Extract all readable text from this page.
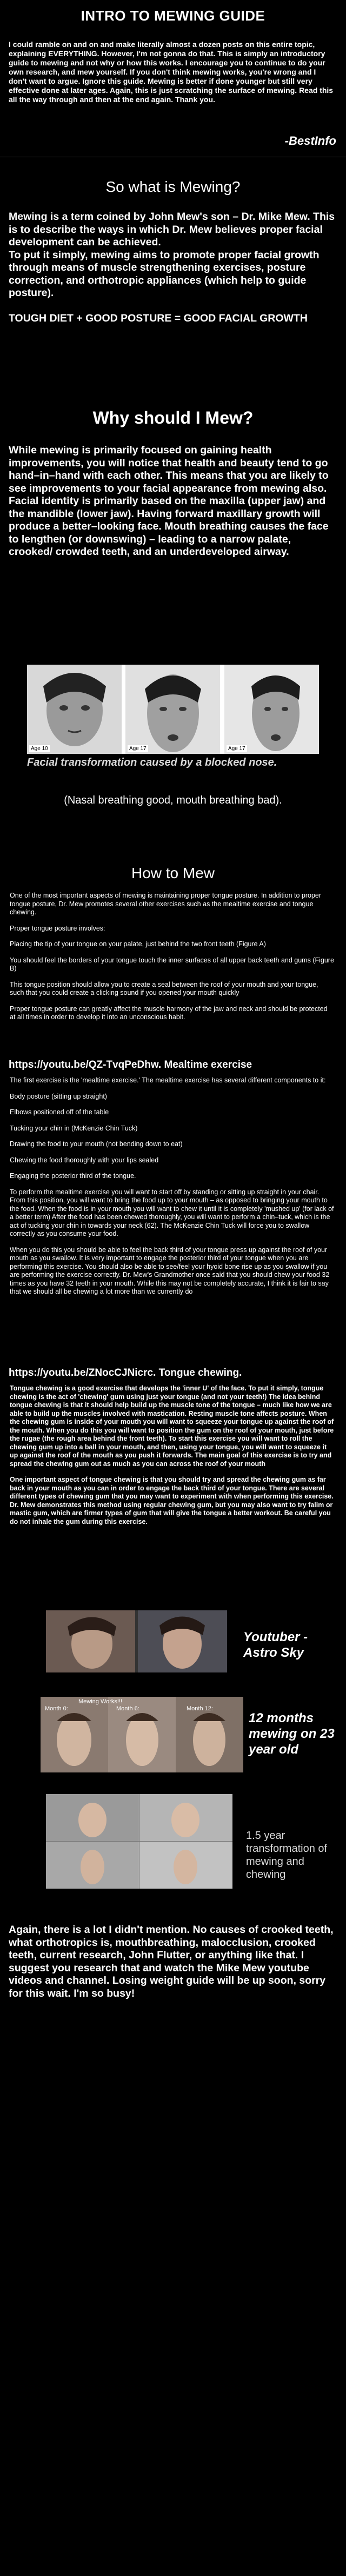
INTRO TO MEWING GUIDE

I could ramble on and on and make literally almost a dozen posts on this entire topic, explaining EVERYTHING. However, I'm not gonna do that. This is simply an introductory guide to mewing and not why or how this works. I encourage you to continue to do your own research, and mew yourself. If you don't think mewing works, you're wrong and I don't want to argue. Ignore this guide. Mewing is better if done younger but still very effective done at later ages. Again, this is just scratching the surface of mewing. Read this all the way through and then at the end again. Thank you.

-BestInfo
So what is Mewing?

Mewing is a term coined by John Mew's son – Dr. Mike Mew. This is to describe the ways in which Dr. Mew believes proper facial development can be achieved.

To put it simply, mewing aims to promote proper facial growth through means of muscle strengthening exercises, posture correction, and orthotropic appliances (which help to guide posture).

TOUGH DIET + GOOD POSTURE = GOOD FACIAL GROWTH

Why should I Mew?

While mewing is primarily focused on gaining health improvements, you will notice that health and beauty tend to go hand–in–hand with each other. This means that you are likely to see improvements to your facial appearance from mewing also. Facial identity is primarily based on the maxilla (upper jaw) and the mandible (lower jaw). Having forward maxillary growth will produce a better–looking face. Mouth breathing causes the face to lengthen (or downswing) – leading to a narrow palate, crooked/ crowded teeth, and an underdeveloped airway.

Age 10	Age 17	Age 17
Facial transformation caused by a blocked nose.
(Nasal breathing good, mouth breathing bad).
How to Mew

One of the most important aspects of mewing is maintaining proper tongue posture. In addition to proper tongue posture, Dr. Mew promotes several other exercises such as the mealtime exercise and tongue chewing.

Proper tongue posture involves:

Placing the tip of your tongue on your palate, just behind the two front teeth (Figure A)

You should feel the borders of your tongue touch the inner surfaces of all upper back teeth and gums (Figure B)

This tongue position should allow you to create a seal between the roof of your mouth and your tongue, such that you could create a clicking sound if you opened your mouth quickly

Proper tongue posture can greatly affect the muscle harmony of the jaw and neck and should be protected at all times in order to develop it into an unconscious habit.

https://youtu.be/QZ-TvqPeDhw. Mealtime exercise

The first exercise is the 'mealtime exercise.' The mealtime exercise has several different components to it:

Body posture (sitting up straight)

Elbows positioned off of the table

Tucking your chin in (McKenzie Chin Tuck)

Drawing the food to your mouth (not bending down to eat)

Chewing the food thoroughly with your lips sealed

Engaging the posterior third of the tongue.

To perform the mealtime exercise you will want to start off by standing or sitting up straight in your chair. From this position, you will want to bring the food up to your mouth – as opposed to bringing your mouth to the food. When the food is in your mouth you will want to chew it until it is completely 'mushed up' (for lack of a better term) After the food has been chewed thoroughly, you will want to perform a chin–tuck, which is the act of tucking your chin in towards your neck (62). The McKenzie Chin Tuck will force you to swallow correctly as you consume your food.

When you do this you should be able to feel the back third of your tongue press up against the roof of your mouth as you swallow. It is very important to engage the posterior third of your tongue when you are performing this exercise. You should also be able to see/feel your hyoid bone rise up as you swallow if you are performing the exercise correctly. Dr. Mew's Grandmother once said that you should chew your food 32 times as you have 32 teeth in your mouth. While this may not be completely accurate, I think it is fair to say that we should all be chewing a lot more than we currently do

https://youtu.be/ZNocCJNicrc. Tongue chewing.

Tongue chewing is a good exercise that develops the 'inner U' of the face. To put it simply, tongue chewing is the act of 'chewing' gum using just your tongue (and not your teeth!) The idea behind tongue chewing is that it should help build up the muscle tone of the tongue – much like how we are able to build up the muscles involved with mastication. Resting muscle tone affects posture. When the chewing gum is inside of your mouth you will want to squeeze your tongue up against the roof of the mouth. When you do this you will want to position the gum on the roof of your mouth, just before the rugae (the rough area behind the front teeth). To start this exercise you will want to roll the chewing gum up into a ball in your mouth, and then, using your tongue, you will want to squeeze it up against the roof of the mouth as you push it forwards. The main goal of this exercise is to try and spread the chewing gum out as much as you can across the roof of your mouth

One important aspect of tongue chewing is that you should try and spread the chewing gum as far back in your mouth as you can in order to engage the back third of your tongue. There are several different types of chewing gum that you may want to experiment with when performing this exercise. Dr. Mew demonstrates this method using regular chewing gum, but you may also want to try falim or mastic gum, which are firmer types of gum that will give the tongue a better workout. Be careful you do not inhale the gum during this exercise.

Youtuber - Astro Sky
Month 0:
Mewing Works!!!
Month 6:	Month 12:
12 months mewing on 23 year old
1.5 year transformation of mewing and chewing

Again, there is a lot I didn't mention. No causes of crooked teeth, what orthotropics is, mouthbreathing, malocclusion, crooked teeth, current research, John Flutter, or anything like that. I suggest you research that and watch the Mike Mew youtube videos and channel. Losing weight guide will be up soon, sorry for this wait. I'm so busy!
